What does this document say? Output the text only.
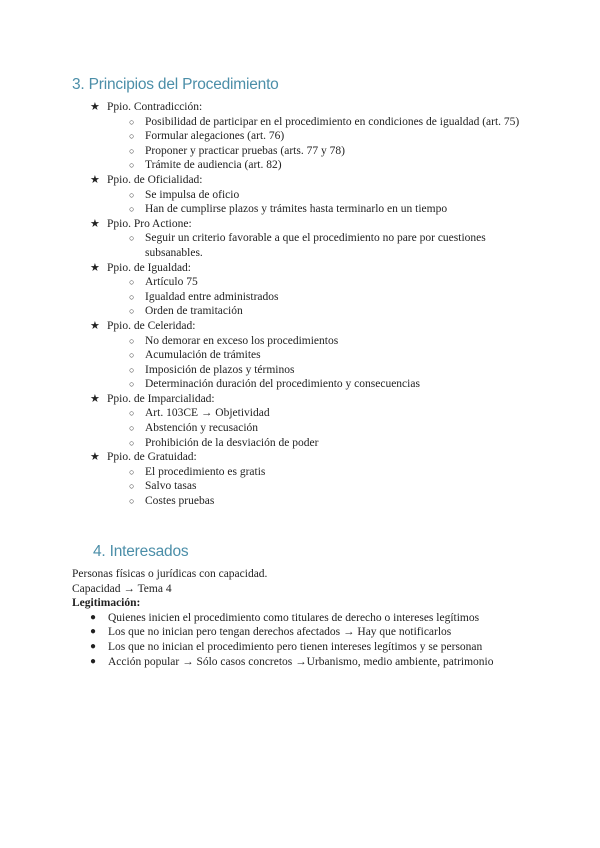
3. Principios del Procedimiento
★ Ppio. Contradicción:
○ Posibilidad de participar en el procedimiento en condiciones de igualdad (art. 75)
○ Formular alegaciones (art. 76)
○ Proponer y practicar pruebas (arts. 77 y 78)
○ Trámite de audiencia (art. 82)
★ Ppio. de Oficialidad:
○ Se impulsa de oficio
○ Han de cumplirse plazos y trámites hasta terminarlo en un tiempo
★ Ppio. Pro Actione:
○ Seguir un criterio favorable a que el procedimiento no pare por cuestiones subsanables.
★ Ppio. de Igualdad:
○ Artículo 75
○ Igualdad entre administrados
○ Orden de tramitación
★ Ppio. de Celeridad:
○ No demorar en exceso los procedimientos
○ Acumulación de trámites
○ Imposición de plazos y términos
○ Determinación duración del procedimiento y consecuencias
★ Ppio. de Imparcialidad:
○ Art. 103CE → Objetividad
○ Abstención y recusación
○ Prohibición de la desviación de poder
★ Ppio. de Gratuidad:
○ El procedimiento es gratis
○ Salvo tasas
○ Costes pruebas
4. Interesados

Personas físicas o jurídicas con capacidad.

Capacidad → Tema 4

Legitimación:

● Quienes inicien el procedimiento como titulares de derecho o intereses legítimos
● Los que no inician pero tengan derechos afectados → Hay que notificarlos
● Los que no inician el procedimiento pero tienen intereses legítimos y se personan
● Acción popular → Sólo casos concretos →Urbanismo, medio ambiente, patrimonio
